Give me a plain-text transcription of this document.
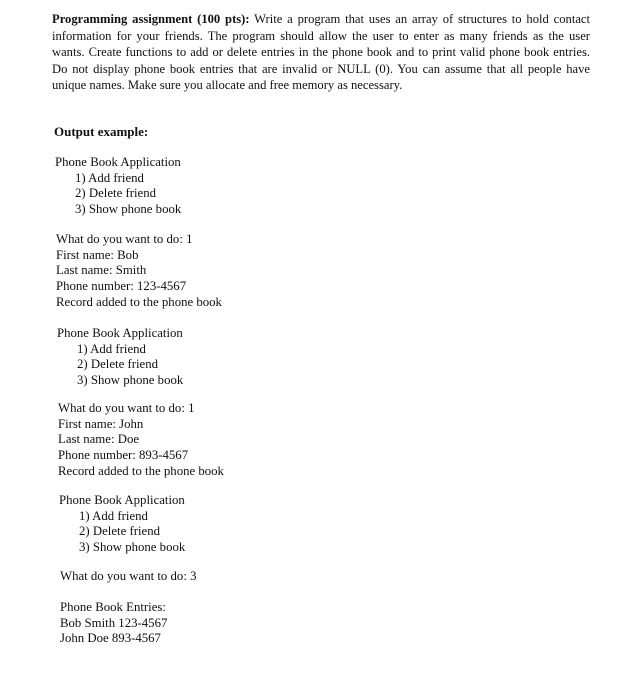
Programming assignment (100 pts): Write a program that uses an array of structures to hold contact information for your friends. The program should allow the user to enter as many friends as the user wants. Create functions to add or delete entries in the phone book and to print valid phone book entries. Do not display phone book entries that are invalid or NULL (0). You can assume that all people have unique names. Make sure you allocate and free memory as necessary.
Output example:
Phone Book Application
1) Add friend
2) Delete friend
3) Show phone book
What do you want to do: 1
First name: Bob
Last name: Smith
Phone number: 123-4567
Record added to the phone book
Phone Book Application
1) Add friend
2) Delete friend
3) Show phone book
What do you want to do: 1
First name: John
Last name: Doe
Phone number: 893-4567
Record added to the phone book
Phone Book Application
1) Add friend
2) Delete friend
3) Show phone book
What do you want to do: 3
Phone Book Entries:
Bob Smith 123-4567
John Doe 893-4567
